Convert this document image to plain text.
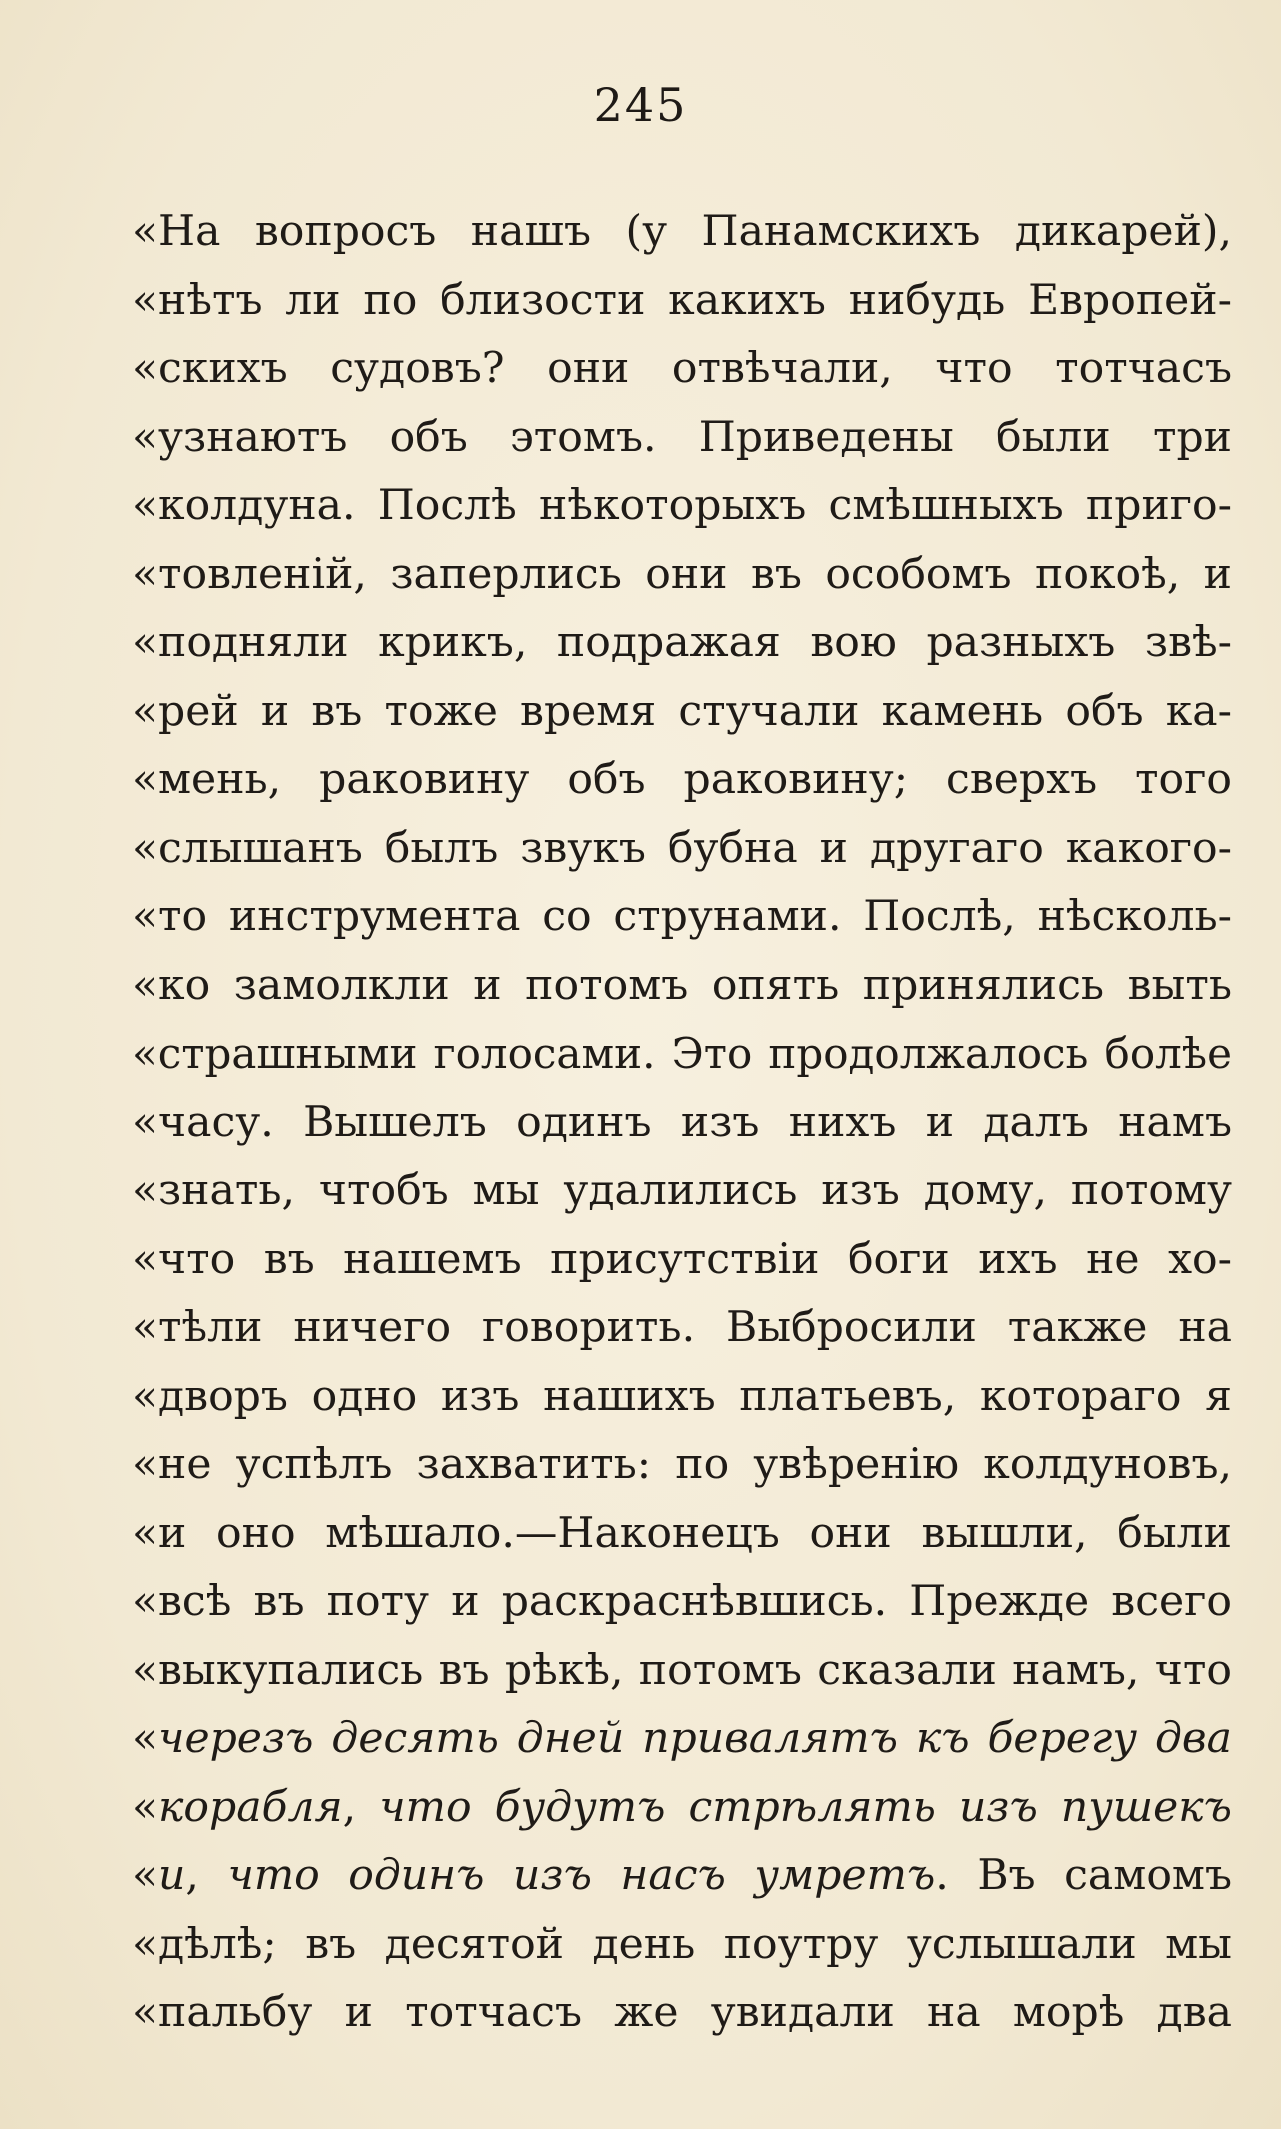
245
«На вопросъ нашъ (у Панамскихъ дикарей),
«нѣтъ ли по близости какихъ нибудь Европей-
«скихъ судовъ? они отвѣчали, что тотчасъ
«узнаютъ объ этомъ. Приведены были три
«колдуна. Послѣ нѣкоторыхъ смѣшныхъ приго-
«товленій, заперлись они въ особомъ покоѣ, и
«подняли крикъ, подражая вою разныхъ звѣ-
«рей и въ тоже время стучали камень объ ка-
«мень, раковину объ раковину; сверхъ того
«слышанъ былъ звукъ бубна и другаго какого-
«то инструмента со струнами. Послѣ, нѣсколь-
«ко замолкли и потомъ опять принялись выть
«страшными голосами. Это продолжалось болѣе
«часу. Вышелъ одинъ изъ нихъ и далъ намъ
«знать, чтобъ мы удалились изъ дому, потому
«что въ нашемъ присутствіи боги ихъ не хо-
«тѣли ничего говорить. Выбросили также на
«дворъ одно изъ нашихъ платьевъ, котораго я
«не успѣлъ захватить: по увѣренію колдуновъ,
«и оно мѣшало.—Наконецъ они вышли, были
«всѣ въ поту и раскраснѣвшись. Прежде всего
«выкупались въ рѣкѣ, потомъ сказали намъ, что
«черезъ десять дней привалятъ къ берегу два
«корабля, что будутъ стрѣлять изъ пушекъ
«и, что одинъ изъ насъ умретъ. Въ самомъ
«дѣлѣ; въ десятой день поутру услышали мы
«пальбу и тотчасъ же увидали на морѣ два
